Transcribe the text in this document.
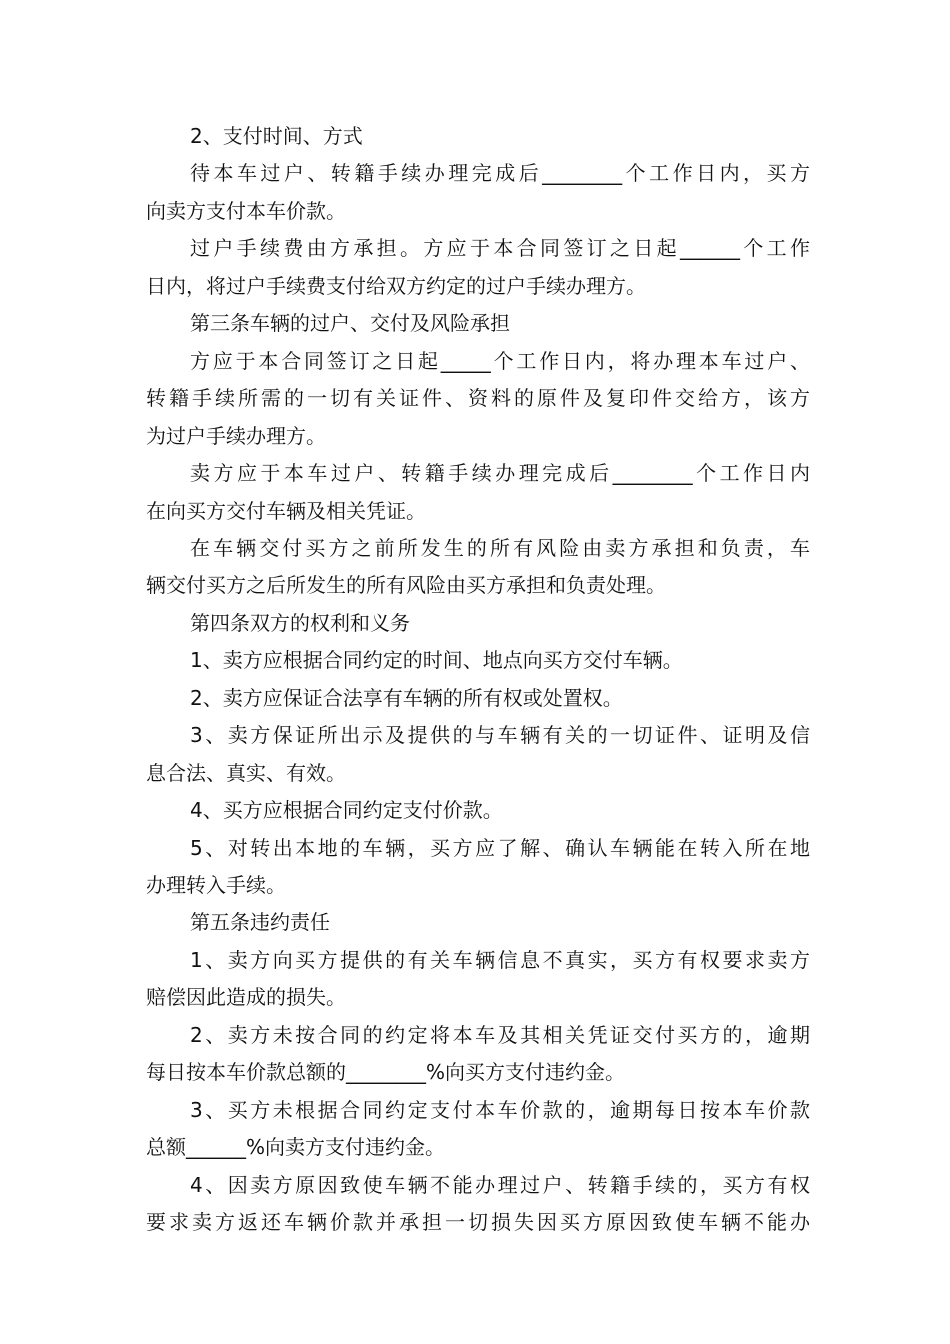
2、支付时间、方式
待本车过户、转籍手续办理完成后________个工作日内，买方
向卖方支付本车价款。
过户手续费由方承担。方应于本合同签订之日起______个工作
日内，将过户手续费支付给双方约定的过户手续办理方。
第三条车辆的过户、交付及风险承担
方应于本合同签订之日起_____个工作日内，将办理本车过户、
转籍手续所需的一切有关证件、资料的原件及复印件交给方，该方
为过户手续办理方。
卖方应于本车过户、转籍手续办理完成后________个工作日内
在向买方交付车辆及相关凭证。
在车辆交付买方之前所发生的所有风险由卖方承担和负责，车
辆交付买方之后所发生的所有风险由买方承担和负责处理。
第四条双方的权利和义务
1、卖方应根据合同约定的时间、地点向买方交付车辆。
2、卖方应保证合法享有车辆的所有权或处置权。
3、卖方保证所出示及提供的与车辆有关的一切证件、证明及信
息合法、真实、有效。
4、买方应根据合同约定支付价款。
5、对转出本地的车辆，买方应了解、确认车辆能在转入所在地
办理转入手续。
第五条违约责任
1、卖方向买方提供的有关车辆信息不真实，买方有权要求卖方
赔偿因此造成的损失。
2、卖方未按合同的约定将本车及其相关凭证交付买方的，逾期
每日按本车价款总额的________%向买方支付违约金。
3、买方未根据合同约定支付本车价款的，逾期每日按本车价款
总额______%向卖方支付违约金。
4、因卖方原因致使车辆不能办理过户、转籍手续的，买方有权
要求卖方返还车辆价款并承担一切损失因买方原因致使车辆不能办
